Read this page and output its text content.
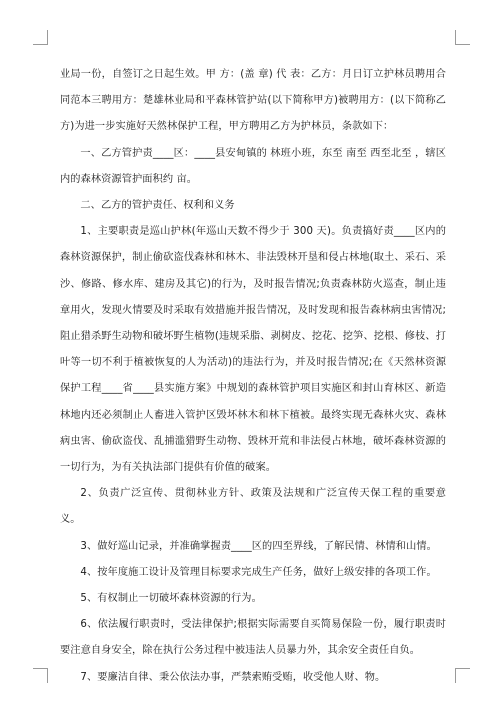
业局一份，自签订之日起生效。甲 方：(盖 章) 代 表：乙方：月日订立护林员聘用合同范本三聘用方：楚雄林业局和平森林管护站(以下简称甲方)被聘用方：(以下简称乙方)为进一步实施好天然林保护工程，甲方聘用乙方为护林员，条款如下：

一、乙方管护责____区：____县安甸镇的 林班小班，东至 南至 西至北至 ，辖区内的森林资源管护面积约 亩。

二、乙方的管护责任、权利和义务

1、主要职责是巡山护林(年巡山天数不得少于 300 天)。负责搞好责____区内的森林资源保护，制止偷砍盗伐森林和林木、非法毁林开垦和侵占林地(取土、采石、采沙、修路、修水库、建房及其它)的行为，及时报告情况;负责森林防火巡查，制止违章用火，发现火情要及时采取有效措施并报告情况，及时发现和报告森林病虫害情况;阻止猎杀野生动物和破坏野生植物(违规采脂、剥树皮、挖花、挖笋、挖根、修枝、打叶等一切不利于植被恢复的人为活动)的违法行为，并及时报告情况;在《天然林资源保护工程____省____县实施方案》中规划的森林管护项目实施区和封山育林区、新造林地内还必须制止人畜进入管护区毁坏林木和林下植被。最终实现无森林火灾、森林病虫害、偷砍盗伐、乱捕滥猎野生动物、毁林开荒和非法侵占林地，破坏森林资源的一切行为，为有关执法部门提供有价值的破案。

2、负责广泛宣传、贯彻林业方针、政策及法规和广泛宣传天保工程的重要意义。

3、做好巡山记录，并准确掌握责____区的四至界线，了解民情、林情和山情。

4、按年度施工设计及管理目标要求完成生产任务，做好上级安排的各项工作。

5、有权制止一切破坏森林资源的行为。

6、依法履行职责时，受法律保护;根据实际需要自买简易保险一份，履行职责时要注意自身安全，除在执行公务过程中被违法人员暴力外，其余安全责任自负。

7、要廉洁自律、秉公依法办事，严禁索贿受贿，收受他人财、物。
